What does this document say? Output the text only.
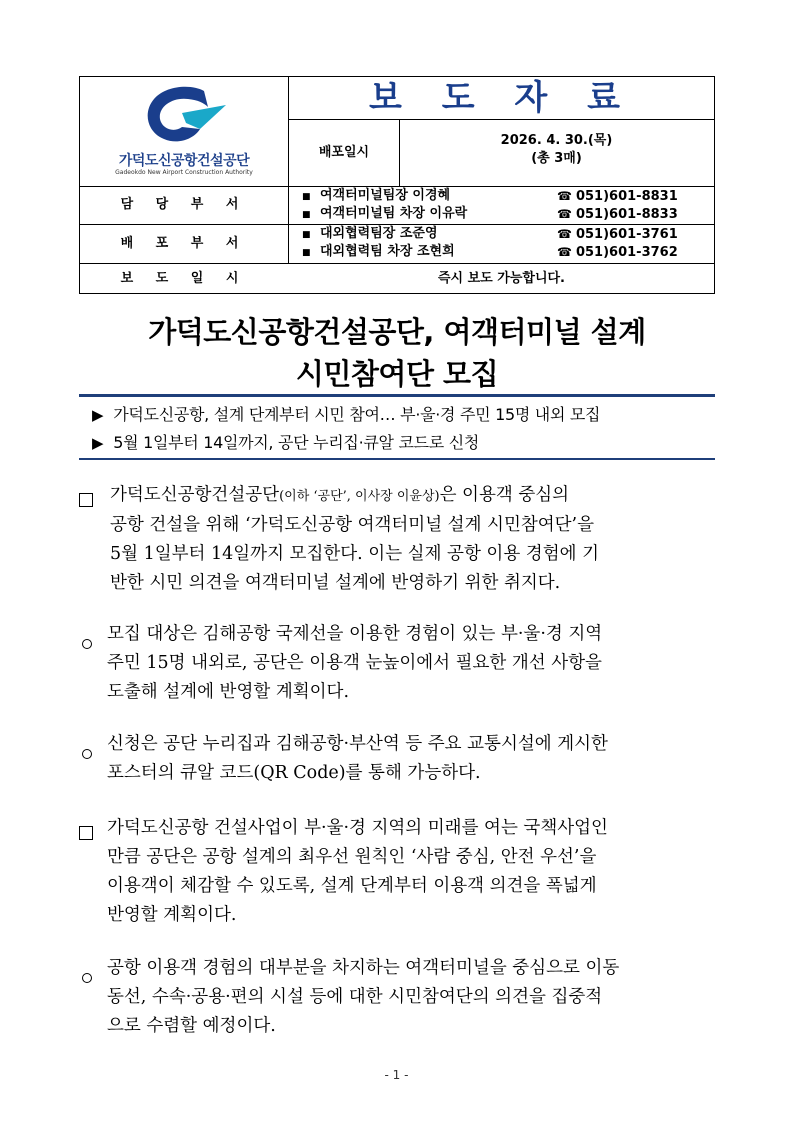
가덕도신공항건설공단
Gadeokdo New Airport Construction Authority
보 도 자 료
배포일시
2026. 4. 30.(목)
(총 3매)
담 당 부 서	■ 여객터미널팀장 이경혜	☎ 051)601-8831
■ 여객터미널팀 차장 이유락	☎ 051)601-8833
배 포 부 서
■ 대외협력팀장 조준영	☎ 051)601-3761
■ 대외협력팀 차장 조현희	☎ 051)601-3762
보 도 일 시	즉시 보도 가능합니다.
가덕도신공항건설공단, 여객터미널 설계
시민참여단 모집
▶ 가덕도신공항, 설계 단계부터 시민 참여… 부·울·경 주민 15명 내외 모집
▶ 5월 1일부터 14일까지, 공단 누리집·큐알 코드로 신청
가덕도신공항건설공단(이하 ‘공단’, 이사장 이윤상)은 이용객 중심의
공항 건설을 위해 ‘가덕도신공항 여객터미널 설계 시민참여단’을
5월 1일부터 14일까지 모집한다. 이는 실제 공항 이용 경험에 기
반한 시민 의견을 여객터미널 설계에 반영하기 위한 취지다.
모집 대상은 김해공항 국제선을 이용한 경험이 있는 부·울·경 지역
주민 15명 내외로, 공단은 이용객 눈높이에서 필요한 개선 사항을
도출해 설계에 반영할 계획이다.
신청은 공단 누리집과 김해공항·부산역 등 주요 교통시설에 게시한
포스터의 큐알 코드(QR Code)를 통해 가능하다.
가덕도신공항 건설사업이 부·울·경 지역의 미래를 여는 국책사업인
만큼 공단은 공항 설계의 최우선 원칙인 ‘사람 중심, 안전 우선’을
이용객이 체감할 수 있도록, 설계 단계부터 이용객 의견을 폭넓게
반영할 계획이다.
공항 이용객 경험의 대부분을 차지하는 여객터미널을 중심으로 이동
동선, 수속·공용·편의 시설 등에 대한 시민참여단의 의견을 집중적
으로 수렴할 예정이다.
- 1 -
